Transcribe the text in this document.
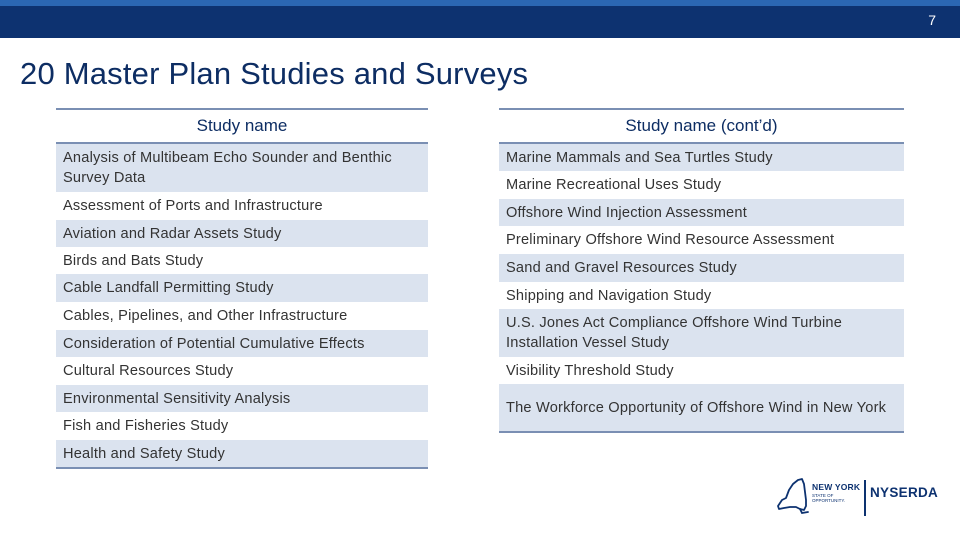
7
20 Master Plan Studies and Surveys
Study name
Analysis of Multibeam Echo Sounder and Benthic Survey Data
Assessment of Ports and Infrastructure
Aviation and Radar Assets Study
Birds and Bats Study
Cable Landfall Permitting Study
Cables, Pipelines, and Other Infrastructure
Consideration of Potential Cumulative Effects
Cultural Resources Study
Environmental Sensitivity Analysis
Fish and Fisheries Study
Health and Safety Study
Study name (cont’d)
Marine Mammals and Sea Turtles Study
Marine Recreational Uses Study
Offshore Wind Injection Assessment
Preliminary Offshore Wind Resource Assessment
Sand and Gravel Resources Study
Shipping and Navigation Study
U.S. Jones Act Compliance Offshore Wind Turbine Installation Vessel Study
Visibility Threshold Study
The Workforce Opportunity of Offshore Wind in New York
NEW YORK
STATE OF OPPORTUNITY.
NYSERDA
